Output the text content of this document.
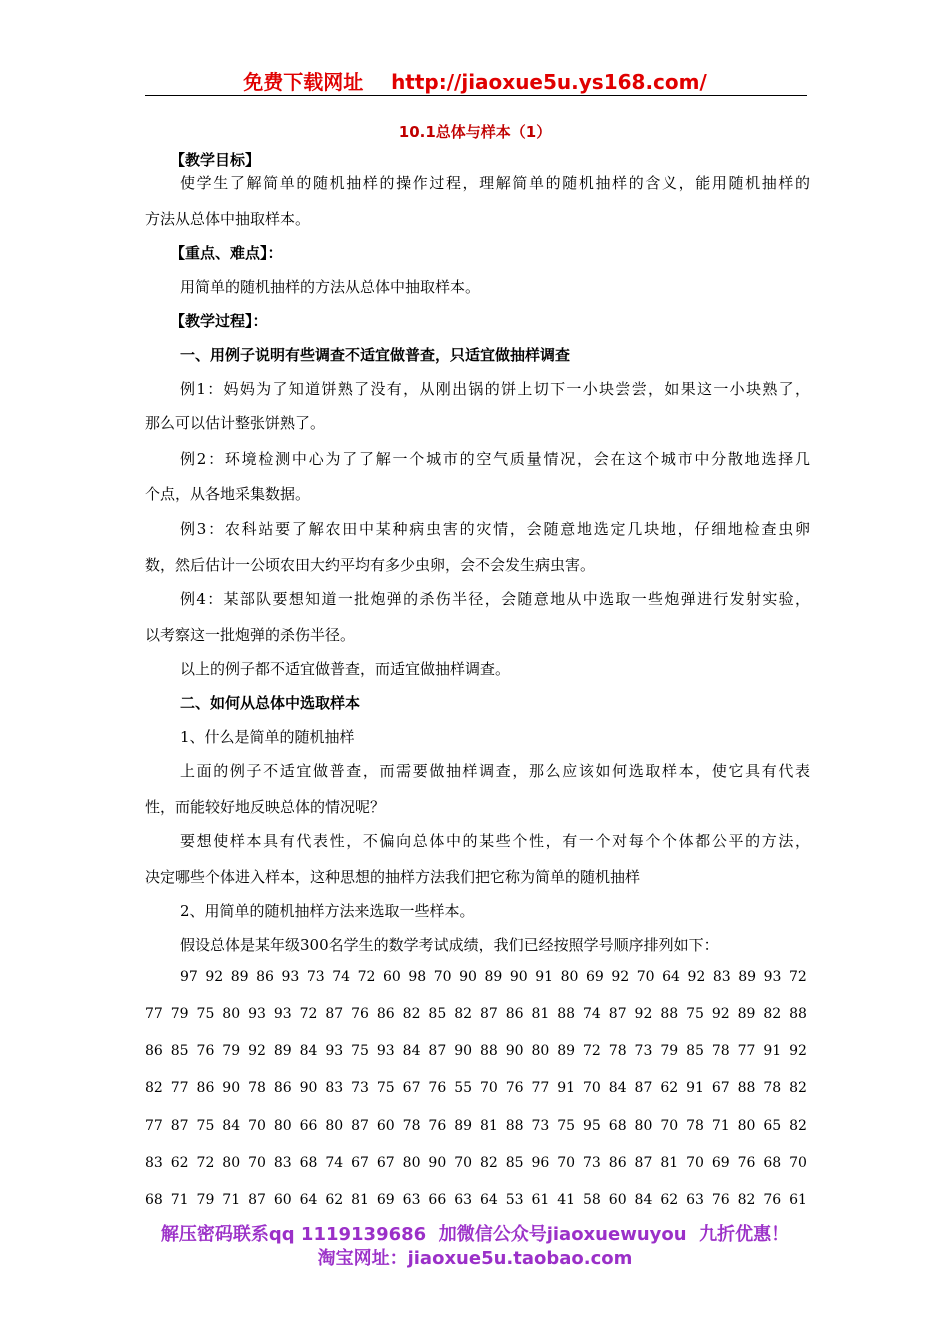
免费下载网址 http://jiaoxue5u.ys168.com/
10.1总体与样本（1）
【教学目标】
使学生了解简单的随机抽样的操作过程，理解简单的随机抽样的含义，能用随机抽样的
方法从总体中抽取样本。
【重点、难点】：
用简单的随机抽样的方法从总体中抽取样本。
【教学过程】：
一、用例子说明有些调查不适宜做普查，只适宜做抽样调查
例1：妈妈为了知道饼熟了没有，从刚出锅的饼上切下一小块尝尝，如果这一小块熟了，
那么可以估计整张饼熟了。
例2：环境检测中心为了了解一个城市的空气质量情况，会在这个城市中分散地选择几
个点，从各地采集数据。
例3：农科站要了解农田中某种病虫害的灾情，会随意地选定几块地，仔细地检查虫卵
数，然后估计一公顷农田大约平均有多少虫卵，会不会发生病虫害。
例4：某部队要想知道一批炮弹的杀伤半径，会随意地从中选取一些炮弹进行发射实验，
以考察这一批炮弹的杀伤半径。
以上的例子都不适宜做普查，而适宜做抽样调查。
二、如何从总体中选取样本
1、什么是简单的随机抽样
上面的例子不适宜做普查，而需要做抽样调查，那么应该如何选取样本，使它具有代表
性，而能较好地反映总体的情况呢？
要想使样本具有代表性，不偏向总体中的某些个性，有一个对每个个体都公平的方法，
决定哪些个体进入样本，这种思想的抽样方法我们把它称为简单的随机抽样
2、用简单的随机抽样方法来选取一些样本。
假设总体是某年级300名学生的数学考试成绩，我们已经按照学号顺序排列如下：
97 92 89 86 93 73 74 72 60 98 70 90 89 90 91 80 69 92 70 64 92 83 89 93 72
77 79 75 80 93 93 72 87 76 86 82 85 82 87 86 81 88 74 87 92 88 75 92 89 82 88
86 85 76 79 92 89 84 93 75 93 84 87 90 88 90 80 89 72 78 73 79 85 78 77 91 92
82 77 86 90 78 86 90 83 73 75 67 76 55 70 76 77 91 70 84 87 62 91 67 88 78 82
77 87 75 84 70 80 66 80 87 60 78 76 89 81 88 73 75 95 68 80 70 78 71 80 65 82
83 62 72 80 70 83 68 74 67 67 80 90 70 82 85 96 70 73 86 87 81 70 69 76 68 70
68 71 79 71 87 60 64 62 81 69 63 66 63 64 53 61 41 58 60 84 62 63 76 82 76 61
解压密码联系qq 1119139686  加微信公众号jiaoxuewuyou  九折优惠！
淘宝网址：jiaoxue5u.taobao.com
